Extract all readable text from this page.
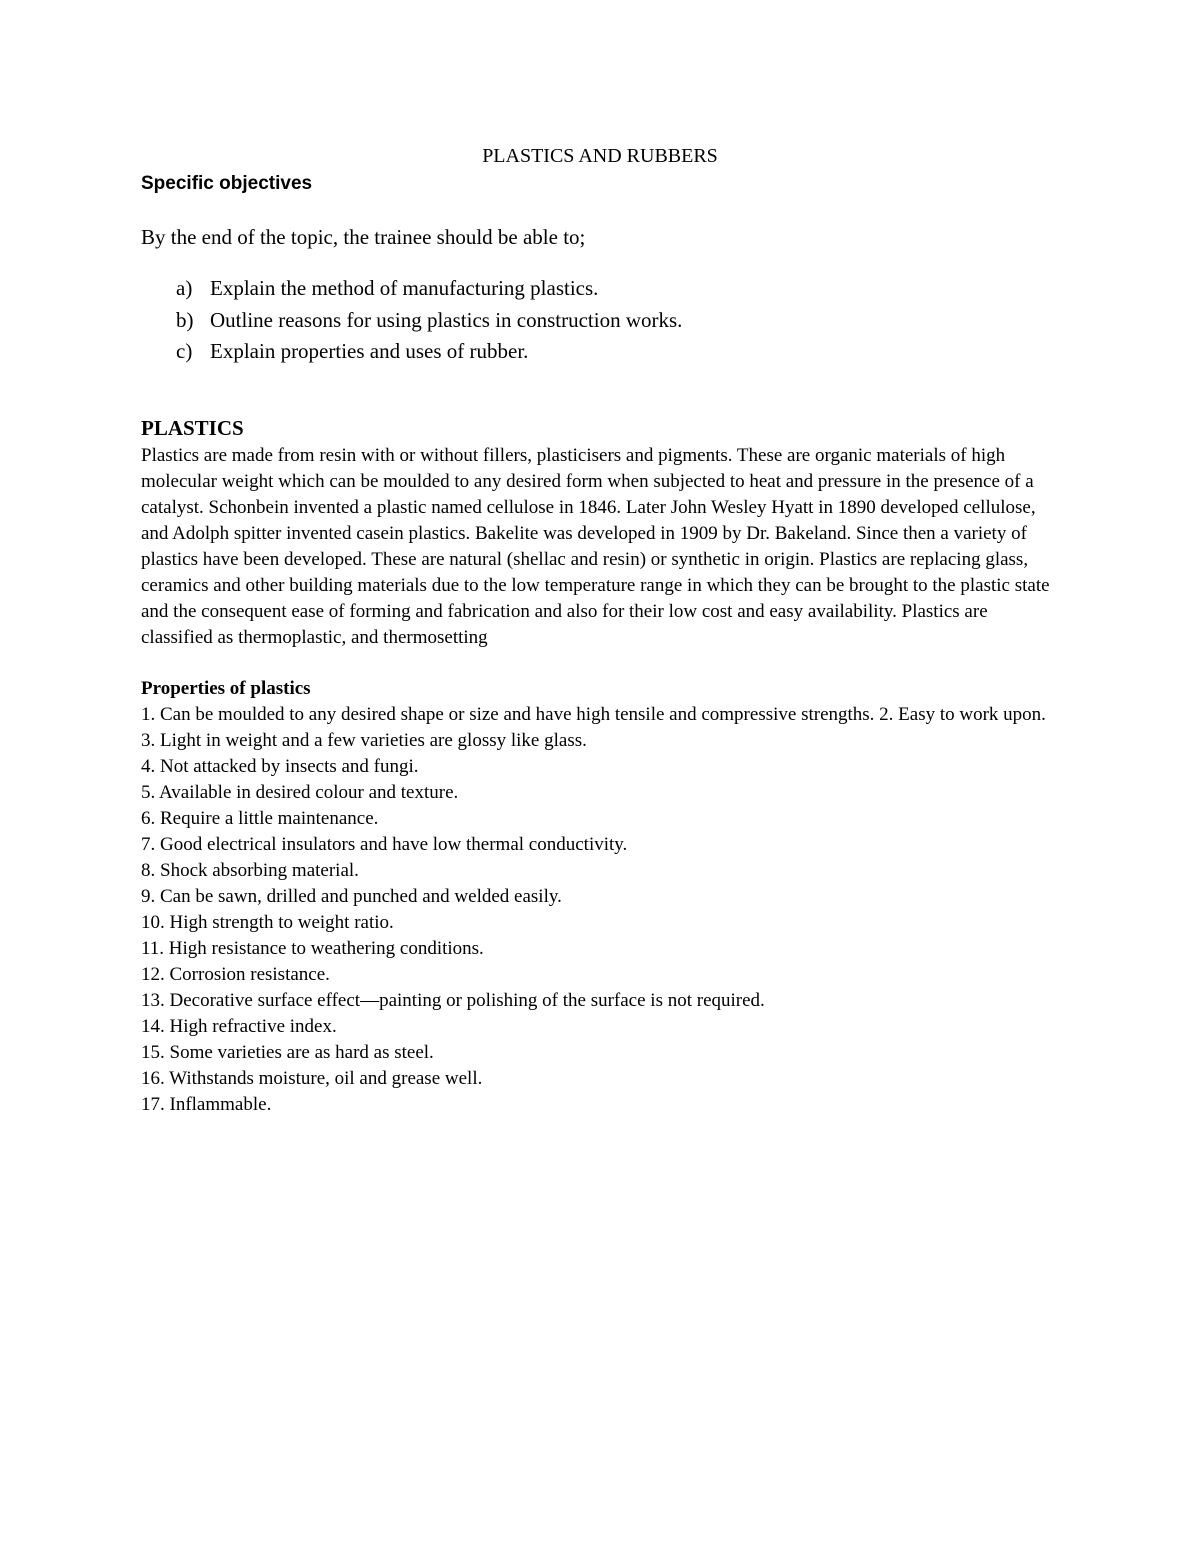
PLASTICS AND RUBBERS
Specific objectives
By the end of the topic, the trainee should be able to;
a) Explain the method of manufacturing plastics.
b) Outline reasons for using plastics in construction works.
c) Explain properties and uses of rubber.
PLASTICS

Plastics are made from resin with or without fillers, plasticisers and pigments. These are organic materials of high molecular weight which can be moulded to any desired form when subjected to heat and pressure in the presence of a catalyst. Schonbein invented a plastic named cellulose in 1846. Later John Wesley Hyatt in 1890 developed cellulose, and Adolph spitter invented casein plastics. Bakelite was developed in 1909 by Dr. Bakeland. Since then a variety of plastics have been developed. These are natural (shellac and resin) or synthetic in origin. Plastics are replacing glass, ceramics and other building materials due to the low temperature range in which they can be brought to the plastic state and the consequent ease of forming and fabrication and also for their low cost and easy availability. Plastics are classified as thermoplastic, and thermosetting

Properties of plastics
1. Can be moulded to any desired shape or size and have high tensile and compressive strengths. 2. Easy to work upon.
3. Light in weight and a few varieties are glossy like glass.
4. Not attacked by insects and fungi.
5. Available in desired colour and texture.
6. Require a little maintenance.
7. Good electrical insulators and have low thermal conductivity.
8. Shock absorbing material.
9. Can be sawn, drilled and punched and welded easily.
10. High strength to weight ratio.
11. High resistance to weathering conditions.
12. Corrosion resistance.
13. Decorative surface effect—painting or polishing of the surface is not required.
14. High refractive index.
15. Some varieties are as hard as steel.
16. Withstands moisture, oil and grease well.
17. Inflammable.
